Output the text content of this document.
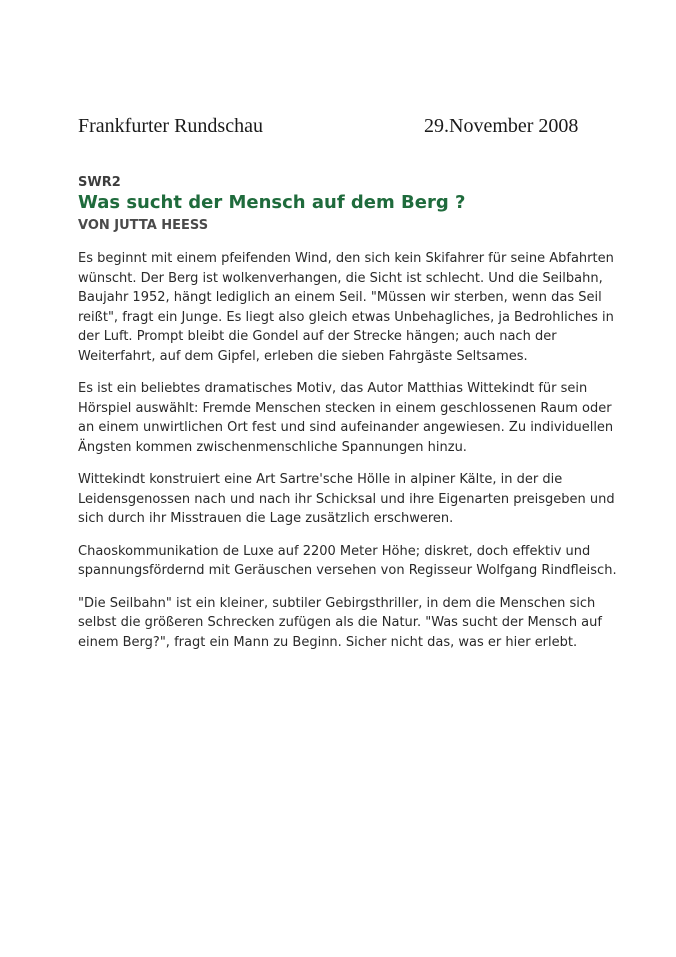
Frankfurter Rundschau	29.November 2008
SWR2
Was sucht der Mensch auf dem Berg ?
VON JUTTA HEESS

Es beginnt mit einem pfeifenden Wind, den sich kein Skifahrer für seine Abfahrten wünscht. Der Berg ist wolkenverhangen, die Sicht ist schlecht. Und die Seilbahn, Baujahr 1952, hängt lediglich an einem Seil. "Müssen wir sterben, wenn das Seil reißt", fragt ein Junge. Es liegt also gleich etwas Unbehagliches, ja Bedrohliches in der Luft. Prompt bleibt die Gondel auf der Strecke hängen; auch nach der Weiterfahrt, auf dem Gipfel, erleben die sieben Fahrgäste Seltsames.

Es ist ein beliebtes dramatisches Motiv, das Autor Matthias Wittekindt für sein Hörspiel auswählt: Fremde Menschen stecken in einem geschlossenen Raum oder an einem unwirtlichen Ort fest und sind aufeinander angewiesen. Zu individuellen Ängsten kommen zwischenmenschliche Spannungen hinzu.

Wittekindt konstruiert eine Art Sartre'sche Hölle in alpiner Kälte, in der die Leidensgenossen nach und nach ihr Schicksal und ihre Eigenarten preisgeben und sich durch ihr Misstrauen die Lage zusätzlich erschweren.

Chaoskommunikation de Luxe auf 2200 Meter Höhe; diskret, doch effektiv und spannungsfördernd mit Geräuschen versehen von Regisseur Wolfgang Rindfleisch.

"Die Seilbahn" ist ein kleiner, subtiler Gebirgsthriller, in dem die Menschen sich selbst die größeren Schrecken zufügen als die Natur. "Was sucht der Mensch auf einem Berg?", fragt ein Mann zu Beginn. Sicher nicht das, was er hier erlebt.
